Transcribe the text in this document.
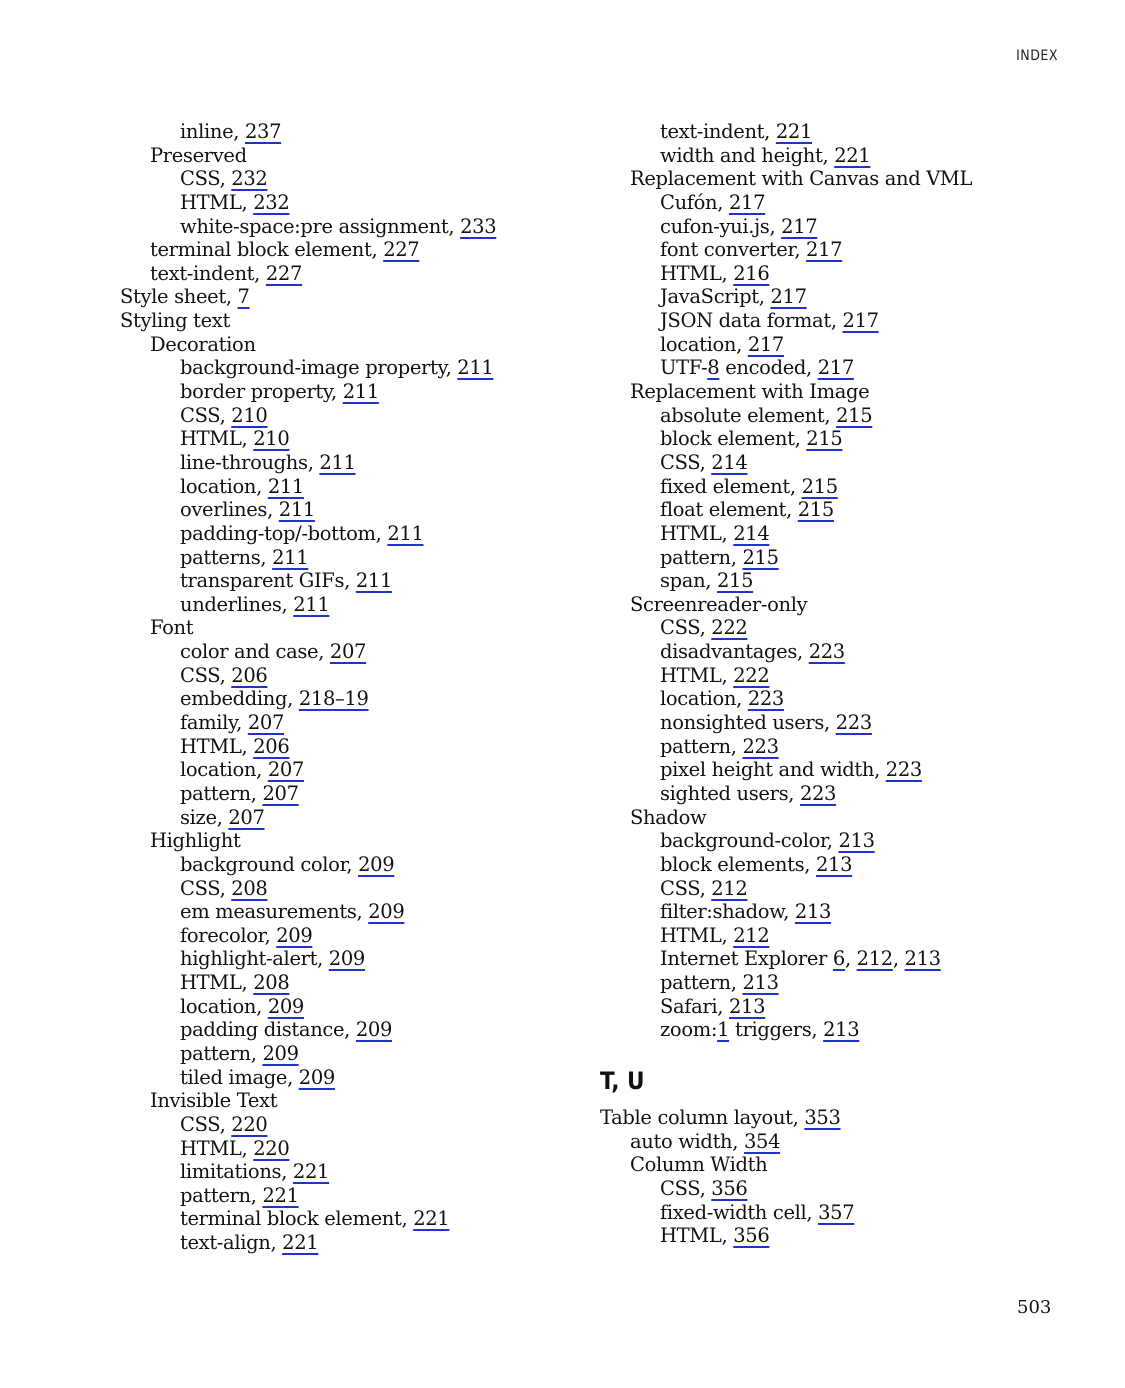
INDEX
inline, 237
Preserved
CSS, 232
HTML, 232
white-space:pre assignment, 233
terminal block element, 227
text-indent, 227
Style sheet, 7
Styling text
Decoration
background-image property, 211
border property, 211
CSS, 210
HTML, 210
line-throughs, 211
location, 211
overlines, 211
padding-top/-bottom, 211
patterns, 211
transparent GIFs, 211
underlines, 211
Font
color and case, 207
CSS, 206
embedding, 218–19
family, 207
HTML, 206
location, 207
pattern, 207
size, 207
Highlight
background color, 209
CSS, 208
em measurements, 209
forecolor, 209
highlight-alert, 209
HTML, 208
location, 209
padding distance, 209
pattern, 209
tiled image, 209
Invisible Text
CSS, 220
HTML, 220
limitations, 221
pattern, 221
terminal block element, 221
text-align, 221
text-indent, 221
width and height, 221
Replacement with Canvas and VML
Cufón, 217
cufon-yui.js, 217
font converter, 217
HTML, 216
JavaScript, 217
JSON data format, 217
location, 217
UTF-8 encoded, 217
Replacement with Image
absolute element, 215
block element, 215
CSS, 214
fixed element, 215
float element, 215
HTML, 214
pattern, 215
span, 215
Screenreader-only
CSS, 222
disadvantages, 223
HTML, 222
location, 223
nonsighted users, 223
pattern, 223
pixel height and width, 223
sighted users, 223
Shadow
background-color, 213
block elements, 213
CSS, 212
filter:shadow, 213
HTML, 212
Internet Explorer 6, 212, 213
pattern, 213
Safari, 213
zoom:1 triggers, 213
T, U
Table column layout, 353
auto width, 354
Column Width
CSS, 356
fixed-width cell, 357
HTML, 356
503
